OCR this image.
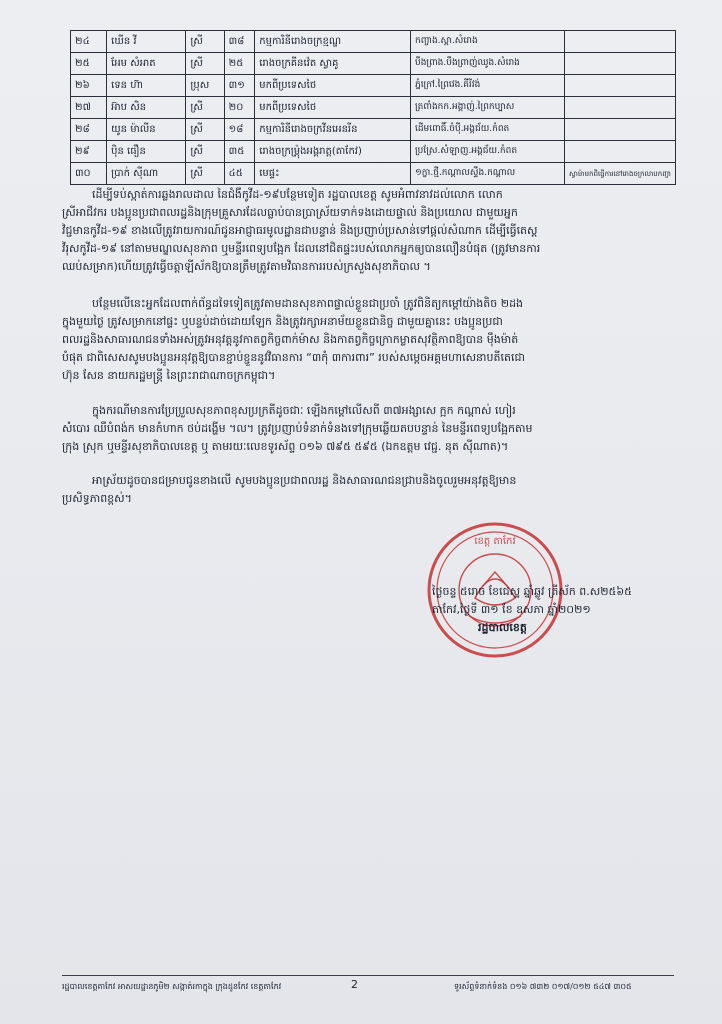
២៤	ឃើន វី	ស្រី	៣៨	កម្មការិនីរោងចក្រខ្មណ្ឌ	កញ្ចាង.ស្ពា.សំរោង	
២៥	អែម សំអាត	ស្រី	២៥	រោងចក្រគីនវ៉េត ស្វាគូ	បឹងព្រាង.បឹងព្រាញ់ឈូង.សំរោង	
២៦	ទេន ហ៊ា	ប្រុស	៣១	មកពីប្រទេសថៃ	ភ្នំក្រៅ.ព្រៃវេង.គីរីវង់	
២៧	អ៊ាប សិន	ស្រី	២០	មកពីប្រទេសថៃ	ត្រពាំងកក.អង្គាញ់.ព្រៃកប្បាស	
២៨	យូន ម៉ាលីន	ស្រី	១៨	កម្មការិនីរោងចក្រវីនអេនរីន	ដើមពោធិ៍.ចំប៉ី.អង្គជ័យ.កំពត	
២៩	ប៉ិន ធឿន	ស្រី	៣៥	រោងចក្រម៉្ក្រុងអង្គរាត្ត(តាកែវ)	ប្រស្រែ.សំឡាញ.អង្គជ័យ.កំពត	
៣០	ប្រាក់ ស៊ីណា	ស្រី	៤៥	មេផ្ទះ	១ក្ខា.ថ្មី.កណ្ដាលស្ទឹង.កណ្ដាល	ស្វាម៉ាមកពីធ្វើការនៅរោងចក្រលាបកញ្ចា

ដើម្បីទប់ស្កាត់ការឆ្លងរាលដាល នៃជំងឺកូវីដ-១៩បន្ថែមទៀត រដ្ឋបាលខេត្ត សូមអំពាវនាវដល់លោក លោក
ស្រីអាជីវករ បងប្អូនប្រជាពលរដ្ឋនិងក្រុមគ្រួសារដែលធ្លាប់បានប្រាស្រ័យទាក់ទងដោយផ្ទាល់ និងប្រយោល ជាមួយអ្នក
វិជ្ជមានកូវីដ-១៩ ខាងលើត្រូវរាយការណ៍ជូនអាជ្ញាធរមូលដ្ឋានជាបន្ទាន់ និងប្រញាប់ប្រសាន់ទៅផ្តល់សំណាក ដើម្បីធ្វើតេស្ត
វីរុសកូវីដ-១៩ នៅតាមមណ្ឌលសុខភាព ឬមន្ទីរពេទ្យបង្អែក ដែលនៅជិតផ្ទះរបស់លោកអ្នកឲ្យបានលឿនបំផុត (ត្រូវមានការ
ឈប់សម្រាក)ហើយត្រូវធ្វើចត្តាឡីស័កឱ្យបានត្រឹមត្រូវតាមវិធានការរបស់ក្រសួងសុខាភិបាល ។

បន្ថែមលើនេះអ្នកដែលពាក់ព័ន្ធដទៃទៀតត្រូវតាមដានសុខភាពផ្ទាល់ខ្លួនជាប្រចាំ ត្រូវពិនិត្យកម្ដៅយ៉ាងតិច ២ដង
ក្នុងមួយថ្ងៃ ត្រូវសម្រាកនៅផ្ទះ ឬបន្ទប់ដាច់ដោយឡែក និងត្រូវរក្សាអនាម័យខ្លួនជានិច្ច ជាមួយគ្នានេះ បងប្អូនប្រជា
ពលរដ្ឋនិងសាធារណជនទាំងអស់ត្រូវអនុវត្តនូវកាតព្វកិច្ចពាក់ម៉ាស និងកាតព្វកិច្ចក្រោកម្លាតសុវត្ថិភាពឱ្យបាន ម៉ឹងម៉ាត់
បំផុត ជាពិសេសសូមបងប្អូនអនុវត្តឱ្យបានខ្ជាប់ខ្ជួននូវវិធានការ “៣កុំ ៣ការពារ” របស់សម្ដេចអគ្គមហាសេនាបតីតេជោ
ហ៊ុន សែន នាយករដ្ឋមន្ត្រី នៃព្រះរាជាណាចក្រកម្ពុជា។

ក្នុងករណីមានការប្រែប្រួលសុខភាពខុសប្រក្រតីដូចជាៈ ឡើងកម្តៅលើសពី ៣៧អង្សាសេ ក្អក កណ្តាស់ ហៀរ
សំបោរ ឈឺបំពង់ក មានកំហាក ថប់ដង្ហើម ។ល។ ត្រូវប្រញាប់ទំនាក់ទំនងទៅក្រុមឆ្លើយតបបន្ទាន់ នៃមន្ទីរពេទ្យបង្អែកតាម
ក្រុង ស្រុក ឬមន្ទីរសុខាភិបាលខេត្ត ឬ តាមរយៈលេខទូរស័ព្ទ ០១៦ ៧៩៥ ៥៩៥ (ឯកឧត្តម វេជ្ជ. នុត ស៊ីណាត)។

អាស្រ័យដូចបានជម្រាបជូនខាងលើ សូមបងប្អូនប្រជាពលរដ្ឋ និងសាធារណជនជ្រាបនិងចូលរួមអនុវត្តឱ្យមាន
ប្រសិទ្ធភាពខ្ពស់។

ខេត្ត តាកែវ
ថ្ងៃចន្ទ ៥រោច ខែជេស្ឋ ឆ្នាំឆ្លូវ ត្រីស័ក ព.ស២៥៦៥
តាកែវ,ថ្ងៃទី ៣១ ខែ ឧសភា ឆ្នាំ២០២១
រដ្ឋបាលខេត្ត
រដ្ឋបាលខេត្តតាកែវ អាសយដ្ឋានភូមិ២ សង្កាត់រកាក្នុង ក្រុងដូនកែវ ខេត្តតាកែវ	2	ទូរស័ព្ទទំនាក់ទំនង ០១៦ ៧៣២ ០១៧/០១២ ៥៤៧ ៣០៥
